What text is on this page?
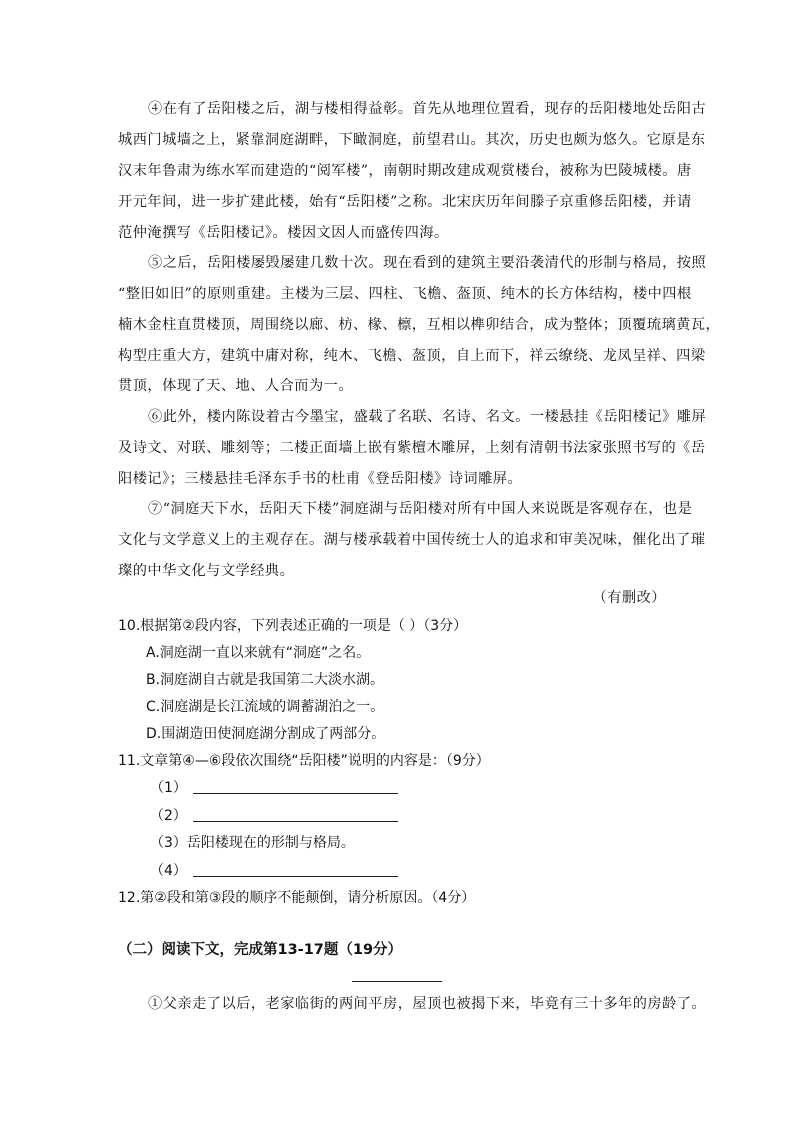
④在有了岳阳楼之后，湖与楼相得益彰。首先从地理位置看，现存的岳阳楼地处岳阳古
城西门城墙之上，紧靠洞庭湖畔，下瞰洞庭，前望君山。其次，历史也颇为悠久。它原是东
汉末年鲁肃为练水军而建造的“阅军楼”，南朝时期改建成观赏楼台，被称为巴陵城楼。唐
开元年间，进一步扩建此楼，始有“岳阳楼”之称。北宋庆历年间滕子京重修岳阳楼，并请
范仲淹撰写《岳阳楼记》。楼因文因人而盛传四海。
⑤之后，岳阳楼屡毁屡建几数十次。现在看到的建筑主要沿袭清代的形制与格局，按照
“整旧如旧”的原则重建。主楼为三层、四柱、飞檐、盔顶、纯木的长方体结构，楼中四根
楠木金柱直贯楼顶，周围绕以廊、枋、椽、檩，互相以榫卯结合，成为整体；顶覆琉璃黄瓦，
构型庄重大方，建筑中庸对称，纯木、飞檐、盔顶，自上而下，祥云缭绕、龙凤呈祥、四梁
贯顶，体现了天、地、人合而为一。
⑥此外，楼内陈设着古今墨宝，盛载了名联、名诗、名文。一楼悬挂《岳阳楼记》雕屏
及诗文、对联、雕刻等；二楼正面墙上嵌有紫檀木雕屏，上刻有清朝书法家张照书写的《岳
阳楼记》；三楼悬挂毛泽东手书的杜甫《登岳阳楼》诗词雕屏。
⑦“洞庭天下水，岳阳天下楼”洞庭湖与岳阳楼对所有中国人来说既是客观存在，也是
文化与文学意义上的主观存在。湖与楼承载着中国传统士人的追求和审美况味，催化出了璀
璨的中华文化与文学经典。
（有删改）
10.根据第②段内容，下列表述正确的一项是（ ）（3分）
A.洞庭湖一直以来就有“洞庭”之名。
B.洞庭湖自古就是我国第二大淡水湖。
C.洞庭湖是长江流域的调蓄湖泊之一。
D.围湖造田使洞庭湖分割成了两部分。
11.文章第④—⑥段依次围绕“岳阳楼”说明的内容是：（9分）
（1）
（2）
（3）岳阳楼现在的形制与格局。
（4）
12.第②段和第③段的顺序不能颠倒，请分析原因。（4分）
（二）阅读下文，完成第13-17题（19分）
①父亲走了以后，老家临街的两间平房，屋顶也被揭下来，毕竟有三十多年的房龄了。
